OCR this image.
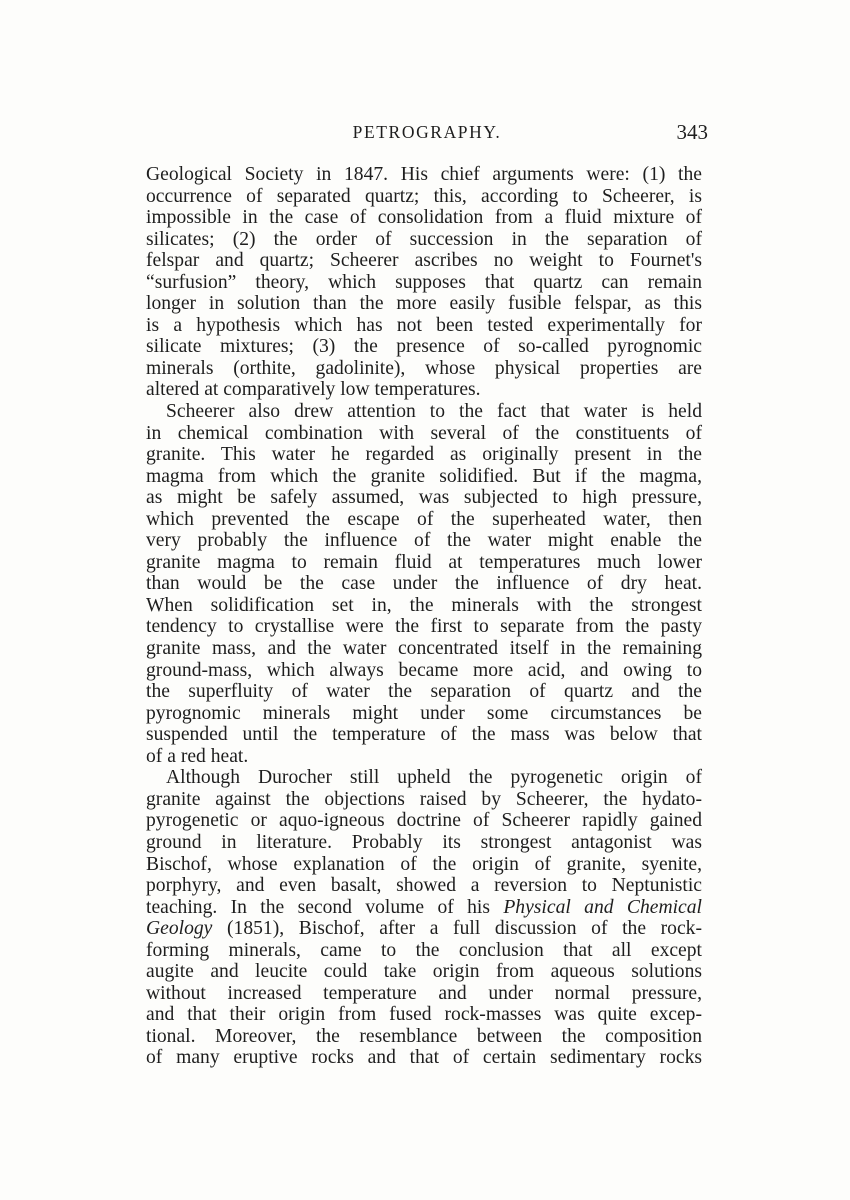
PETROGRAPHY.	343
Geological Society in 1847. His chief arguments were: (1) the
occurrence of separated quartz; this, according to Scheerer, is
impossible in the case of consolidation from a fluid mixture of
silicates; (2) the order of succession in the separation of
felspar and quartz; Scheerer ascribes no weight to Fournet's
“surfusion” theory, which supposes that quartz can remain
longer in solution than the more easily fusible felspar, as this
is a hypothesis which has not been tested experimentally for
silicate mixtures; (3) the presence of so-called pyrognomic
minerals (orthite, gadolinite), whose physical properties are
altered at comparatively low temperatures.
Scheerer also drew attention to the fact that water is held
in chemical combination with several of the constituents of
granite. This water he regarded as originally present in the
magma from which the granite solidified. But if the magma,
as might be safely assumed, was subjected to high pressure,
which prevented the escape of the superheated water, then
very probably the influence of the water might enable the
granite magma to remain fluid at temperatures much lower
than would be the case under the influence of dry heat.
When solidification set in, the minerals with the strongest
tendency to crystallise were the first to separate from the pasty
granite mass, and the water concentrated itself in the remaining
ground-mass, which always became more acid, and owing to
the superfluity of water the separation of quartz and the
pyrognomic minerals might under some circumstances be
suspended until the temperature of the mass was below that
of a red heat.
Although Durocher still upheld the pyrogenetic origin of
granite against the objections raised by Scheerer, the hydato-
pyrogenetic or aquo-igneous doctrine of Scheerer rapidly gained
ground in literature. Probably its strongest antagonist was
Bischof, whose explanation of the origin of granite, syenite,
porphyry, and even basalt, showed a reversion to Neptunistic
teaching. In the second volume of his Physical and Chemical
Geology (1851), Bischof, after a full discussion of the rock-
forming minerals, came to the conclusion that all except
augite and leucite could take origin from aqueous solutions
without increased temperature and under normal pressure,
and that their origin from fused rock-masses was quite excep-
tional. Moreover, the resemblance between the composition
of many eruptive rocks and that of certain sedimentary rocks
